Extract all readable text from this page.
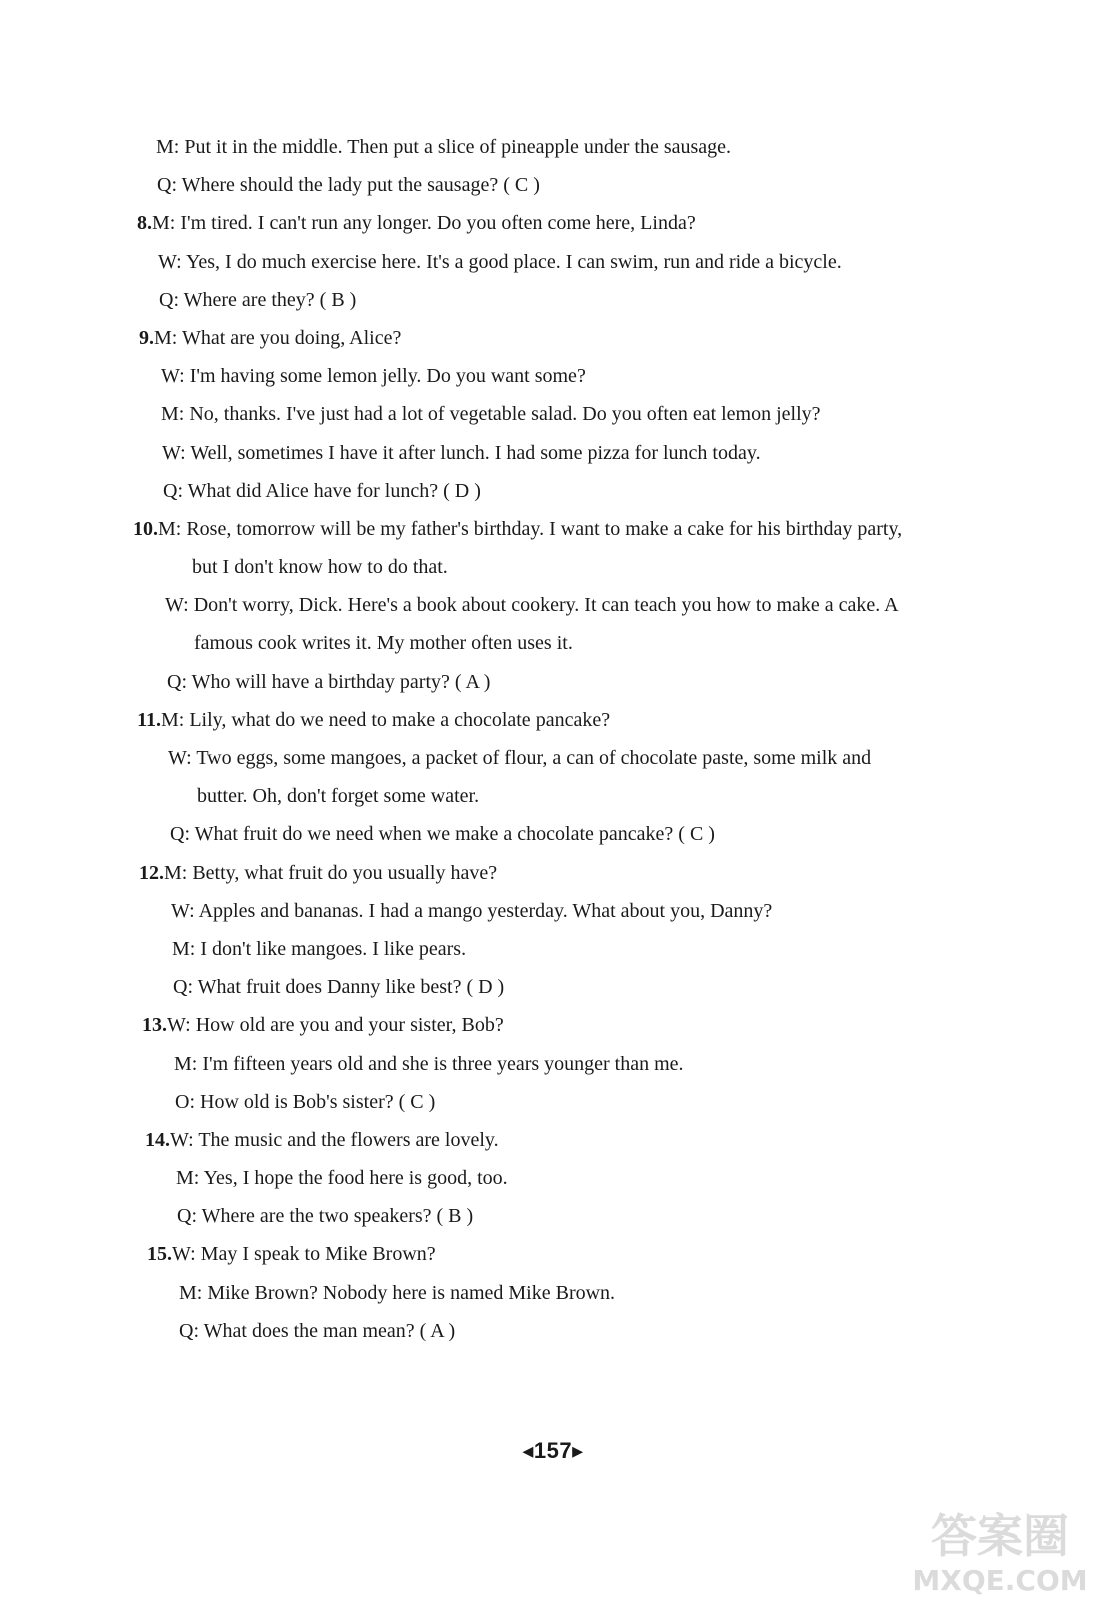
M: Put it in the middle. Then put a slice of pineapple under the sausage.
Q: Where should the lady put the sausage? ( C )
8. M: I'm tired. I can't run any longer. Do you often come here, Linda?
W: Yes, I do much exercise here. It's a good place. I can swim, run and ride a bicycle.
Q: Where are they? ( B )
9. M: What are you doing, Alice?
W: I'm having some lemon jelly. Do you want some?
M: No, thanks. I've just had a lot of vegetable salad. Do you often eat lemon jelly?
W: Well, sometimes I have it after lunch. I had some pizza for lunch today.
Q: What did Alice have for lunch? ( D )
10. M: Rose, tomorrow will be my father's birthday. I want to make a cake for his birthday party,
but I don't know how to do that.
W: Don't worry, Dick. Here's a book about cookery. It can teach you how to make a cake. A
famous cook writes it. My mother often uses it.
Q: Who will have a birthday party? ( A )
11. M: Lily, what do we need to make a chocolate pancake?
W: Two eggs, some mangoes, a packet of flour, a can of chocolate paste, some milk and
butter. Oh, don't forget some water.
Q: What fruit do we need when we make a chocolate pancake? ( C )
12. M: Betty, what fruit do you usually have?
W: Apples and bananas. I had a mango yesterday. What about you, Danny?
M: I don't like mangoes. I like pears.
Q: What fruit does Danny like best? ( D )
13. W: How old are you and your sister, Bob?
M: I'm fifteen years old and she is three years younger than me.
O: How old is Bob's sister? ( C )
14. W: The music and the flowers are lovely.
M: Yes, I hope the food here is good, too.
Q: Where are the two speakers? ( B )
15. W: May I speak to Mike Brown?
M: Mike Brown? Nobody here is named Mike Brown.
Q: What does the man mean? ( A )
◂157▸
答案圈
MXQE.COM
